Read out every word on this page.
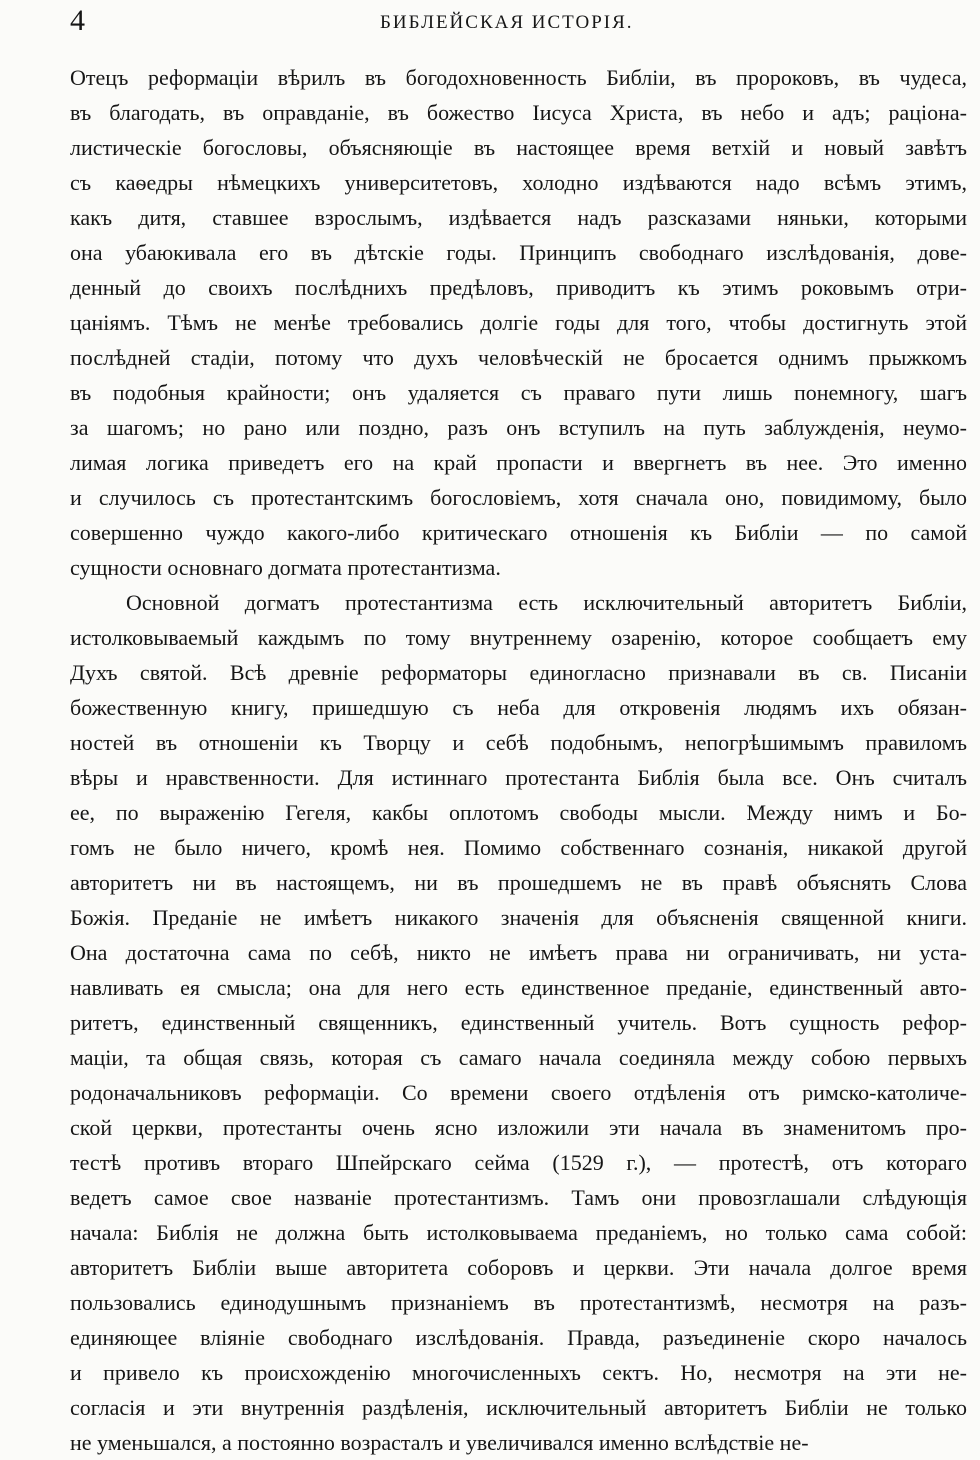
4	БИБЛЕЙСКАЯ ИСТОРІЯ.
Отецъ реформаціи вѣрилъ въ богодохновенность Библіи, въ пророковъ, въ чудеса,
въ благодать, въ оправданіе, въ божество Іисуса Христа, въ небо и адъ; раціона-
листическіе богословы, объясняющіе въ настоящее время ветхій и новый завѣтъ
съ каѳедры нѣмецкихъ университетовъ, холодно издѣваются надо всѣмъ этимъ,
какъ дитя, ставшее взрослымъ, издѣвается надъ разсказами няньки, которыми
она убаюкивала его въ дѣтскіе годы. Принципъ свободнаго изслѣдованія, дове-
денный до своихъ послѣднихъ предѣловъ, приводитъ къ этимъ роковымъ отри-
цаніямъ. Тѣмъ не менѣе требовались долгіе годы для того, чтобы достигнуть этой
послѣдней стадіи, потому что духъ человѣческій не бросается однимъ прыжкомъ
въ подобныя крайности; онъ удаляется съ праваго пути лишь понемногу, шагъ
за шагомъ; но рано или поздно, разъ онъ вступилъ на путь заблужденія, неумо-
лимая логика приведетъ его на край пропасти и ввергнетъ въ нее. Это именно
и случилось съ протестантскимъ богословіемъ, хотя сначала оно, повидимому, было
совершенно чуждо какого-либо критическаго отношенія къ Библіи — по самой
сущности основнаго догмата протестантизма.
Основной догматъ протестантизма есть исключительный авторитетъ Библіи,
истолковываемый каждымъ по тому внутреннему озаренію, которое сообщаетъ ему
Духъ святой. Всѣ древніе реформаторы единогласно признавали въ св. Писаніи
божественную книгу, пришедшую съ неба для откровенія людямъ ихъ обязан-
ностей въ отношеніи къ Творцу и себѣ подобнымъ, непогрѣшимымъ правиломъ
вѣры и нравственности. Для истиннаго протестанта Библія была все. Онъ считалъ
ее, по выраженію Гегеля, какбы оплотомъ свободы мысли. Между нимъ и Бо-
гомъ не было ничего, кромѣ нея. Помимо собственнаго сознанія, никакой другой
авторитетъ ни въ настоящемъ, ни въ прошедшемъ не въ правѣ объяснять Слова
Божія. Преданіе не имѣетъ никакого значенія для объясненія священной книги.
Она достаточна сама по себѣ, никто не имѣетъ права ни ограничивать, ни уста-
навливать ея смысла; она для него есть единственное преданіе, единственный авто-
ритетъ, единственный священникъ, единственный учитель. Вотъ сущность рефор-
маціи, та общая связь, которая съ самаго начала соединяла между собою первыхъ
родоначальниковъ реформаціи. Со времени своего отдѣленія отъ римско-католиче-
ской церкви, протестанты очень ясно изложили эти начала въ знаменитомъ про-
тестѣ противъ втораго Шпейрскаго сейма (1529 г.), — протестѣ, отъ котораго
ведетъ самое свое названіе протестантизмъ. Тамъ они провозглашали слѣдующія
начала: Библія не должна быть истолковываема преданіемъ, но только сама собой:
авторитетъ Библіи выше авторитета соборовъ и церкви. Эти начала долгое время
пользовались единодушнымъ признаніемъ въ протестантизмѣ, несмотря на разъ-
единяющее вліяніе свободнаго изслѣдованія. Правда, разъединеніе скоро началось
и привело къ происхожденію многочисленныхъ сектъ. Но, несмотря на эти не-
согласія и эти внутреннія раздѣленія, исключительный авторитетъ Библіи не только
не уменьшался, а постоянно возрасталъ и увеличивался именно вслѣдствіе не-
